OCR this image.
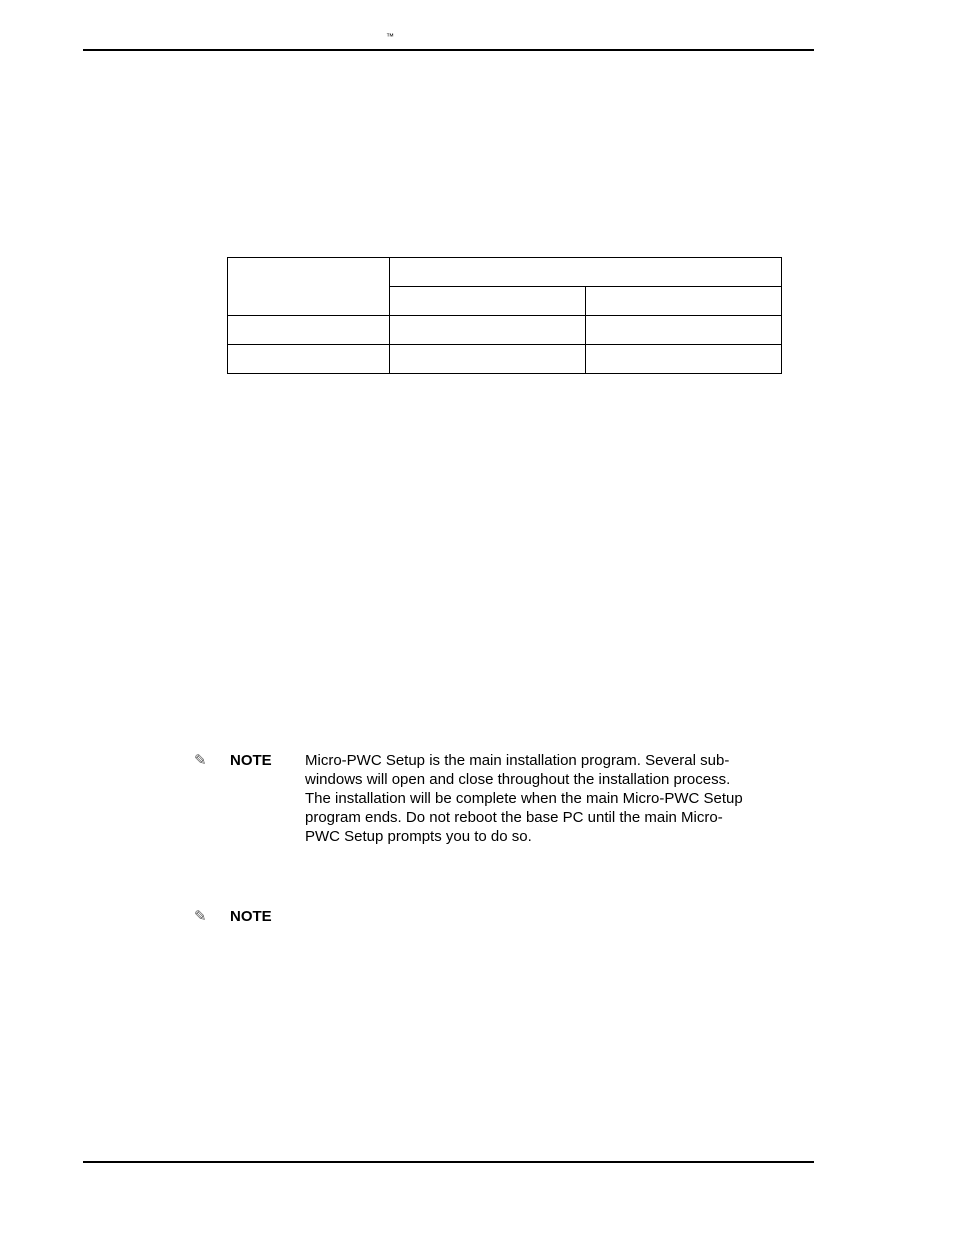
™

✎ NOTE Micro-PWC Setup is the main installation program. Several sub-
windows will open and close throughout the installation process.
The installation will be complete when the main Micro-PWC Setup
program ends. Do not reboot the base PC until the main Micro-
PWC Setup prompts you to do so.
✎ NOTE
